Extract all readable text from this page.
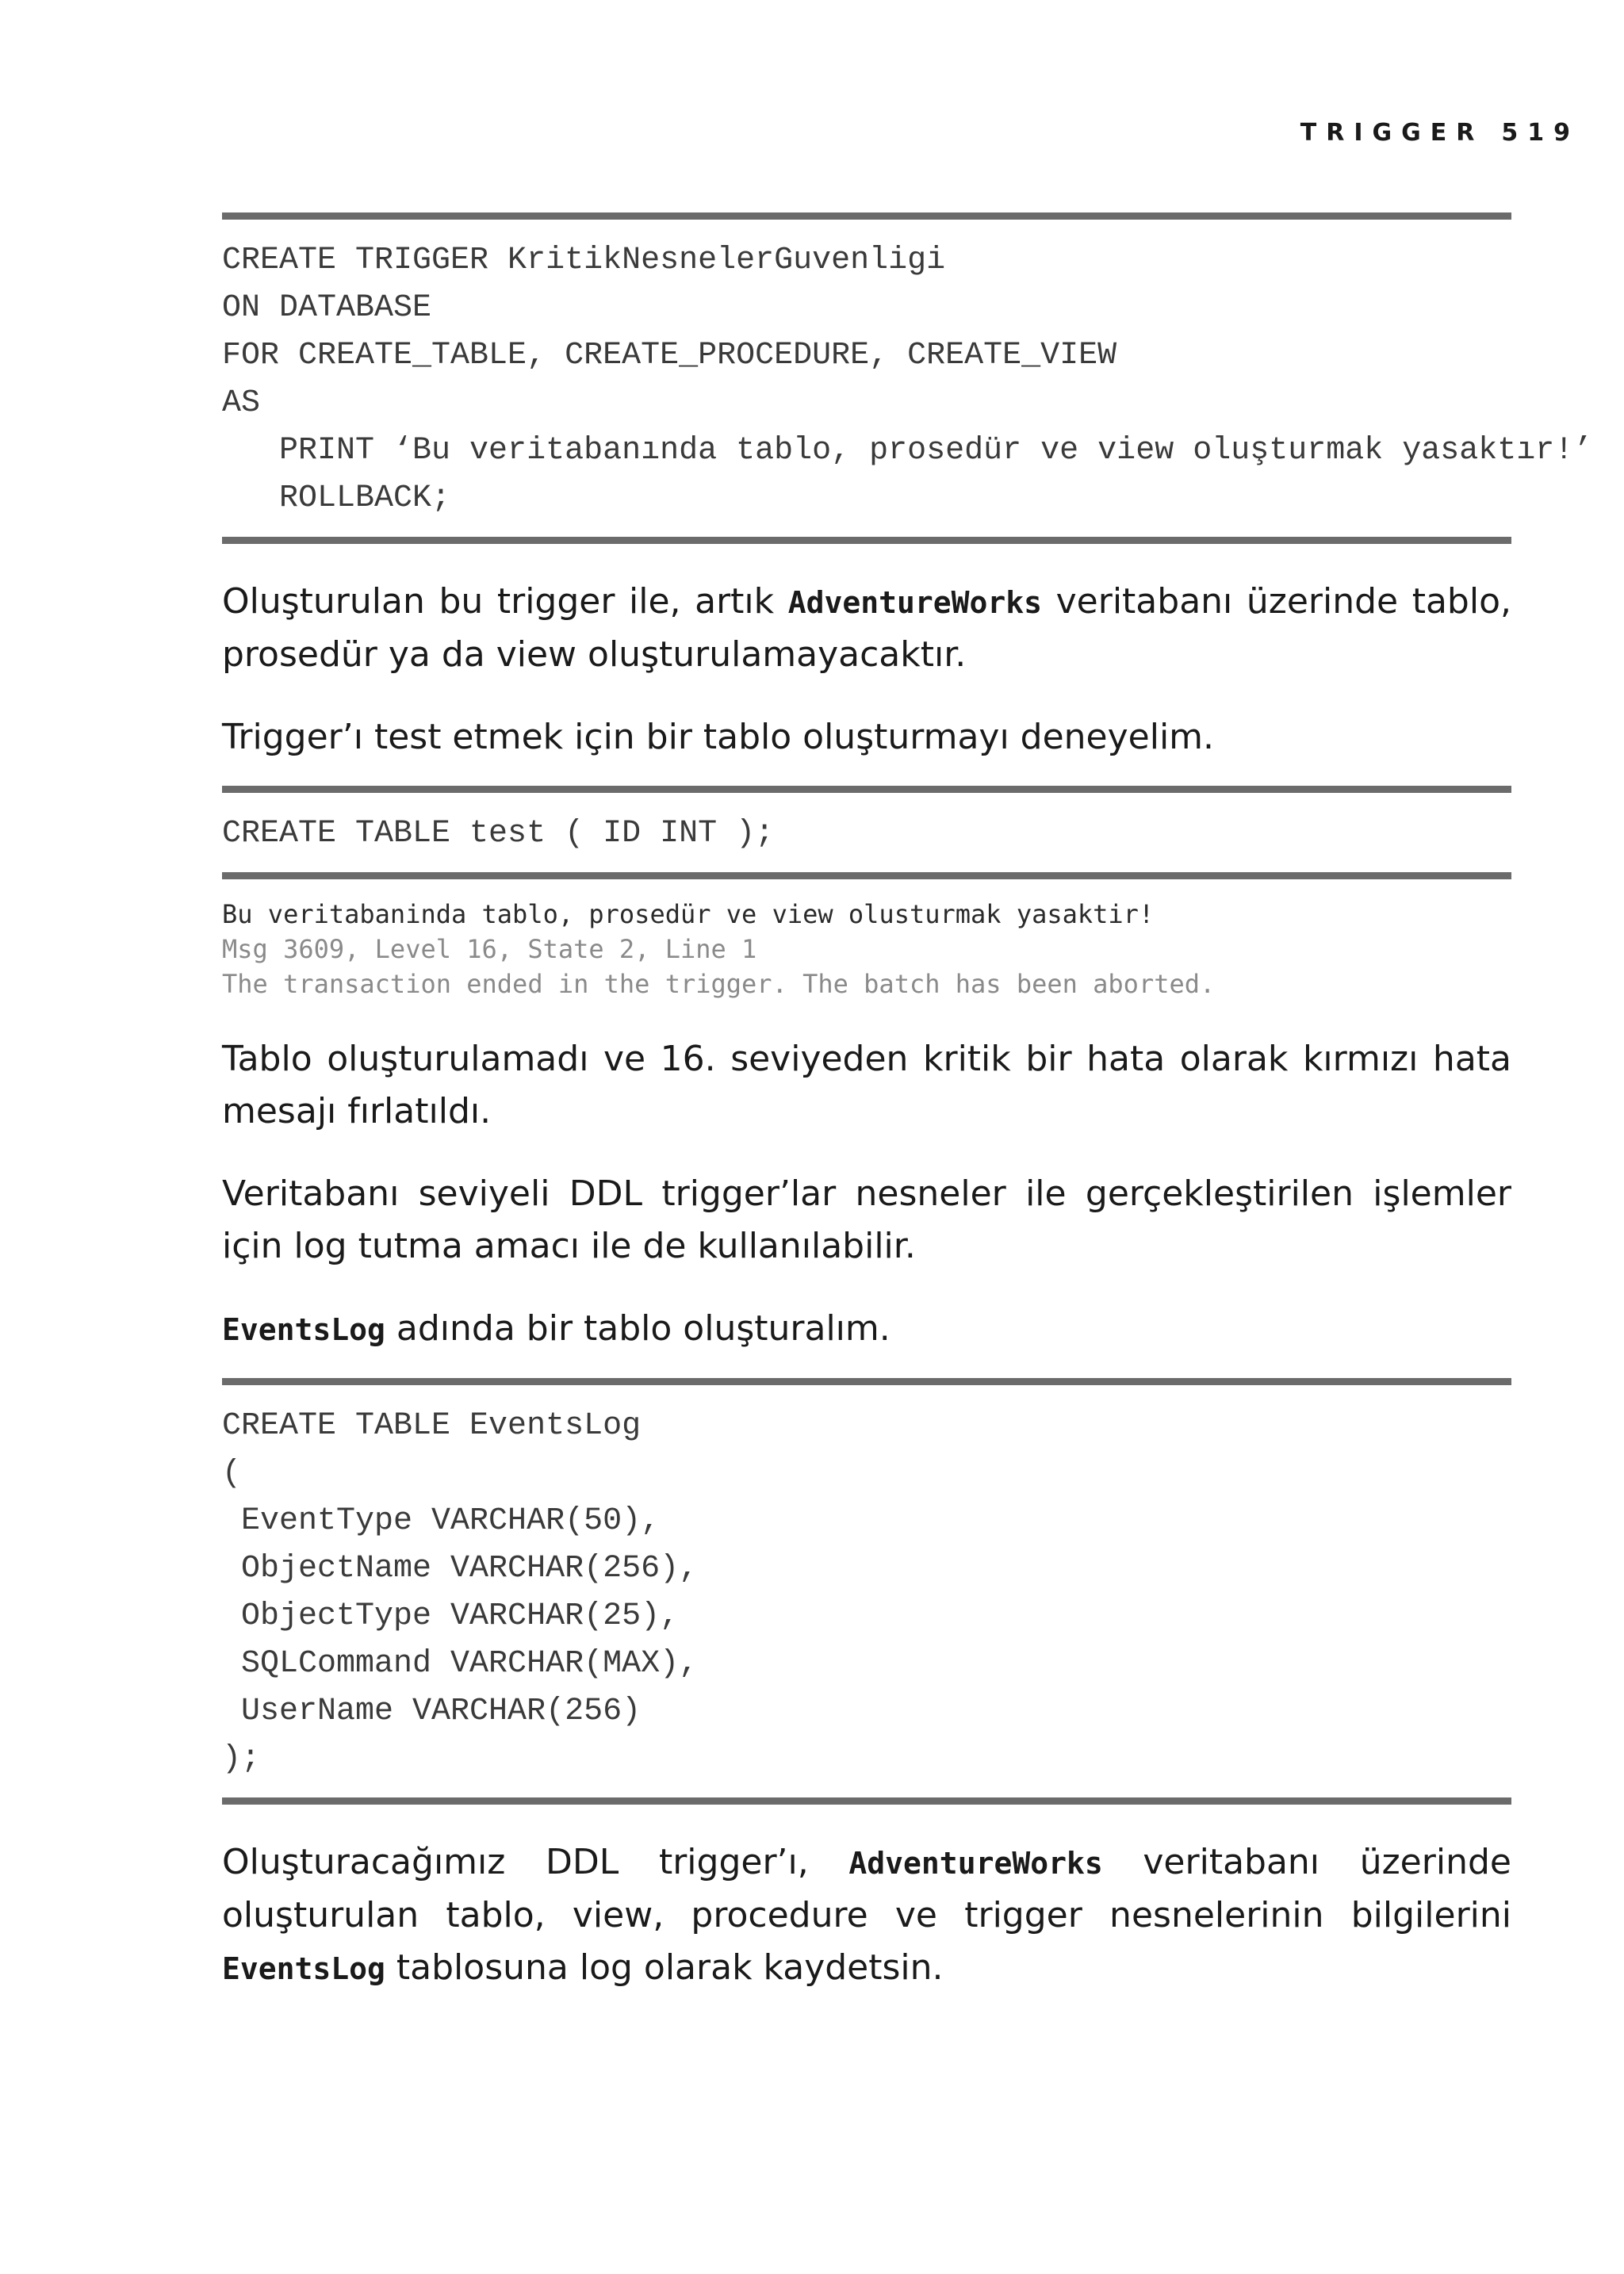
TRIGGER 519
CREATE TRIGGER KritikNesnelerGuvenligi
ON DATABASE
FOR CREATE_TABLE, CREATE_PROCEDURE, CREATE_VIEW
AS
PRINT ‘Bu veritabanında tablo, prosedür ve view oluşturmak yasaktır!’
ROLLBACK;

Oluşturulan bu trigger ile, artık AdventureWorks veritabanı üzerinde tablo, prosedür ya da view oluşturulamayacaktır.

Trigger’ı test etmek için bir tablo oluşturmayı deneyelim.

CREATE TABLE test ( ID INT );
Bu veritabaninda tablo, prosedür ve view olusturmak yasaktir!
Msg 3609, Level 16, State 2, Line 1
The transaction ended in the trigger. The batch has been aborted.

Tablo oluşturulamadı ve 16. seviyeden kritik bir hata olarak kırmızı hata mesajı fırlatıldı.

Veritabanı seviyeli DDL trigger’lar nesneler ile gerçekleştirilen işlemler için log tutma amacı ile de kullanılabilir.

EventsLog adında bir tablo oluşturalım.

CREATE TABLE EventsLog
(
EventType VARCHAR(50),
ObjectName VARCHAR(256),
ObjectType VARCHAR(25),
SQLCommand VARCHAR(MAX),
UserName VARCHAR(256)
);

Oluşturacağımız DDL trigger’ı, AdventureWorks veritabanı üzerinde oluşturulan tablo, view, procedure ve trigger nesnelerinin bilgilerini EventsLog tablosuna log olarak kaydetsin.
